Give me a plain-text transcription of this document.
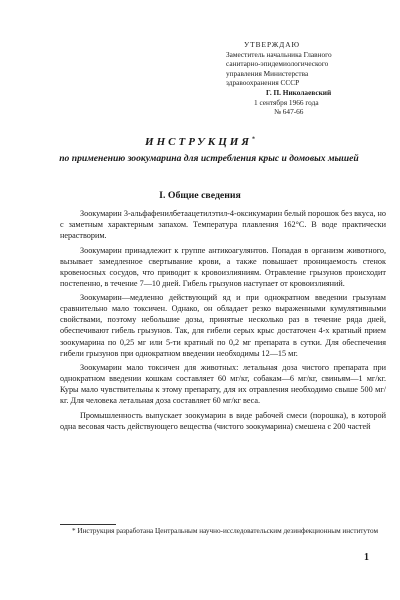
УТВЕРЖДАЮ
Заместитель начальника Главного
санитарно-эпидемиологического
управления Министерства
здравоохранения СССР
Г. П. Николаевский
1 сентября 1966 года
№ 647-66
ИНСТРУКЦИЯ*
по применению зоокумарина для истребления крыс и домовых мышей
I. Общие сведения

Зоокумарин 3-альфафенилбетаацетилэтил-4-оксикумарин белый порошок без вкуса, но с заметным характерным запахом. Температура плавления 162°С. В воде практически нерастворим.

Зоокумарин принадлежит к группе антикоагулянтов. Попадая в организм животного, вызывает замедленное свертывание крови, а также повышает проницаемость стенок кровеносных сосудов, что приводит к кровоизлияниям. Отравление грызунов происходит постепенно, в течение 7—10 дней. Гибель грызунов наступает от кровоизлияний.

Зоокумарин—медленно действующий яд и при однократном введении грызунам сравнительно мало токсичен. Однако, он обладает резко выраженными кумулятивными свойствами, поэтому небольшие дозы, принятые несколько раз в течение ряда дней, обеспечивают гибель грызунов. Так, для гибели серых крыс достаточен 4-х кратный прием зоокумарина по 0,25 мг или 5-ти кратный по 0,2 мг препарата в сутки. Для обеспечения гибели грызунов при однократном введении необходимы 12—15 мг.

Зоокумарин мало токсичен для животных: летальная доза чистого препарата при однократном введении кошкам составляет 60 мг/кг, собакам—6 мг/кг, свиньям—1 мг/кг. Куры мало чувствительны к этому препарату, для их отравления необходимо свыше 500 мг/кг. Для человека летальная доза составляет 60 мг/кг веса.

Промышленность выпускает зоокумарин в виде рабочей смеси (порошка), в которой одна весовая часть действующего вещества (чистого зоокумарина) смешена с 200 частей

* Инструкция разработана Центральным научно-исследовательским дезинфекционным институтом

1
